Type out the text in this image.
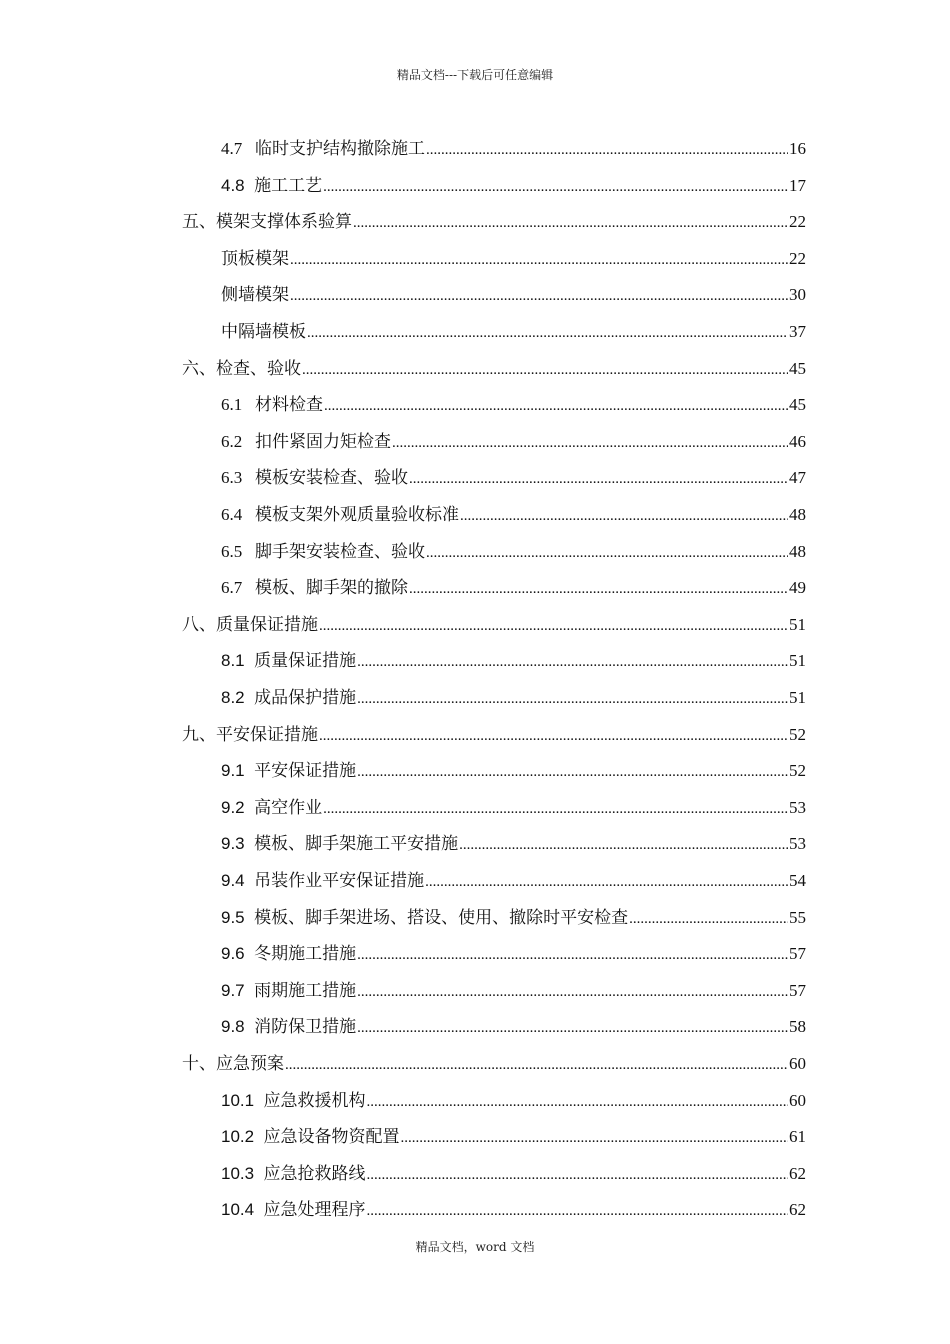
精品文档---下载后可任意编辑
4.7 临时支护结构撤除施工 .....	16
4.8 施工工艺 .....	17
五、模架支撑体系验算 .....	22
顶板模架 .....	22
侧墙模架 .....	30
中隔墙模板 .....	37
六、检查、验收 .....	45
6.1 材料检查 .....	45
6.2 扣件紧固力矩检查 .....	46
6.3 模板安装检查、验收 .....	47
6.4 模板支架外观质量验收标准 .....	48
6.5 脚手架安装检查、验收 .....	48
6.7 模板、脚手架的撤除 .....	49
八、质量保证措施 .....	51
8.1 质量保证措施 .....	51
8.2 成品保护措施 .....	51
九、平安保证措施 .....	52
9.1 平安保证措施 .....	52
9.2 高空作业 .....	53
9.3 模板、脚手架施工平安措施 .....	53
9.4 吊装作业平安保证措施 .....	54
9.5 模板、脚手架进场、搭设、使用、撤除时平安检查 .....	55
9.6 冬期施工措施 .....	57
9.7 雨期施工措施 .....	57
9.8 消防保卫措施 .....	58
十、应急预案 .....	60
10.1 应急救援机构 .....	60
10.2 应急设备物资配置 .....	61
10.3 应急抢救路线 .....	62
10.4 应急处理程序 .....	62
精品文档，word 文档
